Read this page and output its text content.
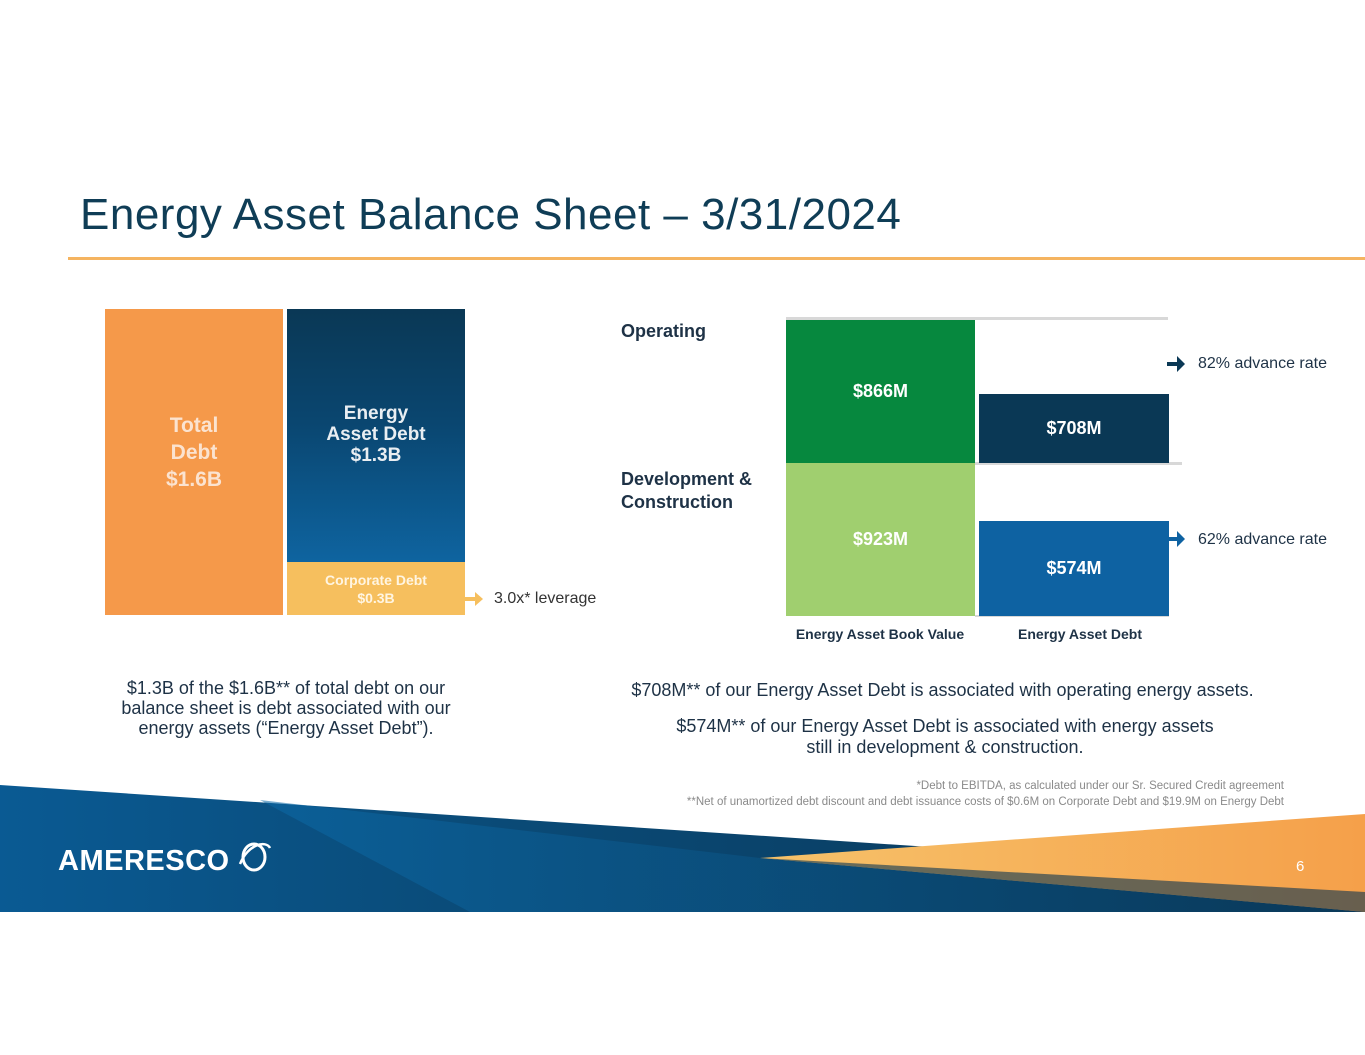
Energy Asset Balance Sheet – 3/31/2024
Total
Debt
$1.6B
Energy
Asset Debt
$1.3B
Corporate Debt
$0.3B	3.0x* leverage
$1.3B of the $1.6B** of total debt on our balance sheet is debt associated with our energy assets (“Energy Asset Debt”).
Operating
Development &
Construction
$866M
$708M
$923M
$574M
82% advance rate
62% advance rate
Energy Asset Book Value	Energy Asset Debt
$708M** of our Energy Asset Debt is associated with operating energy assets.
$574M** of our Energy Asset Debt is associated with energy assets
still in development & construction.
AMERESCO	6
*Debt to EBITDA, as calculated under our Sr. Secured Credit agreement
**Net of unamortized debt discount and debt issuance costs of $0.6M on Corporate Debt and $19.9M on Energy Debt
